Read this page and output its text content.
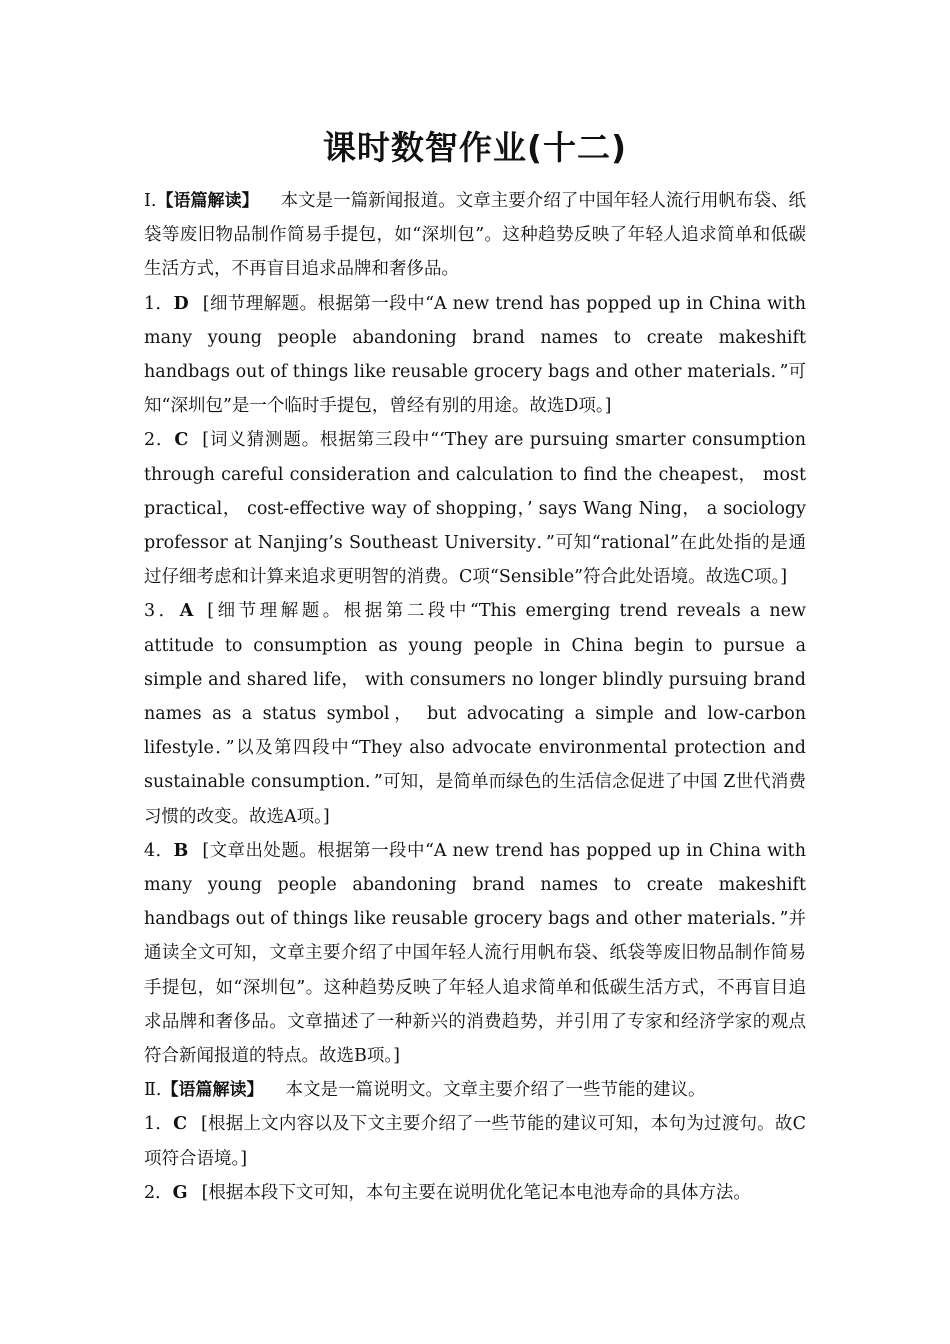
课时数智作业(十二)

Ⅰ.【语篇解读】 本文是一篇新闻报道。文章主要介绍了中国年轻人流行用帆布袋、纸袋等废旧物品制作简易手提包，如“深圳包”。这种趋势反映了年轻人追求简单和低碳生活方式，不再盲目追求品牌和奢侈品。

1．D [细节理解题。根据第一段中“A new trend has popped up in China with many young people abandoning brand names to create makeshift handbags out of things like reusable grocery bags and other materials．”可知“深圳包”是一个临时手提包，曾经有别的用途。故选D项。]

2．C [词义猜测题。根据第三段中“‘They are pursuing smarter consumption through careful consideration and calculation to find the cheapest， most practical， cost-effective way of shopping，’ says Wang Ning， a sociology professor at Nanjing’s Southeast University．”可知“rational”在此处指的是通过仔细考虑和计算来追求更明智的消费。C项“Sensible”符合此处语境。故选C项。]

3．A [细节理解题。根据第二段中“This emerging trend reveals a new attitude to consumption as young people in China begin to pursue a simple and shared life， with consumers no longer blindly pursuing brand names as a status symbol， but advocating a simple and low-carbon lifestyle．”以及第四段中“They also advocate environmental protection and sustainable consumption．”可知，是简单而绿色的生活信念促进了中国 Z世代消费习惯的改变。故选A项。]

4．B [文章出处题。根据第一段中“A new trend has popped up in China with many young people abandoning brand names to create makeshift handbags out of things like reusable grocery bags and other materials．”并通读全文可知，文章主要介绍了中国年轻人流行用帆布袋、纸袋等废旧物品制作简易手提包，如“深圳包”。这种趋势反映了年轻人追求简单和低碳生活方式，不再盲目追求品牌和奢侈品。文章描述了一种新兴的消费趋势，并引用了专家和经济学家的观点符合新闻报道的特点。故选B项。]

Ⅱ.【语篇解读】 本文是一篇说明文。文章主要介绍了一些节能的建议。

1．C [根据上文内容以及下文主要介绍了一些节能的建议可知，本句为过渡句。故C项符合语境。]

2．G [根据本段下文可知，本句主要在说明优化笔记本电池寿命的具体方法。
